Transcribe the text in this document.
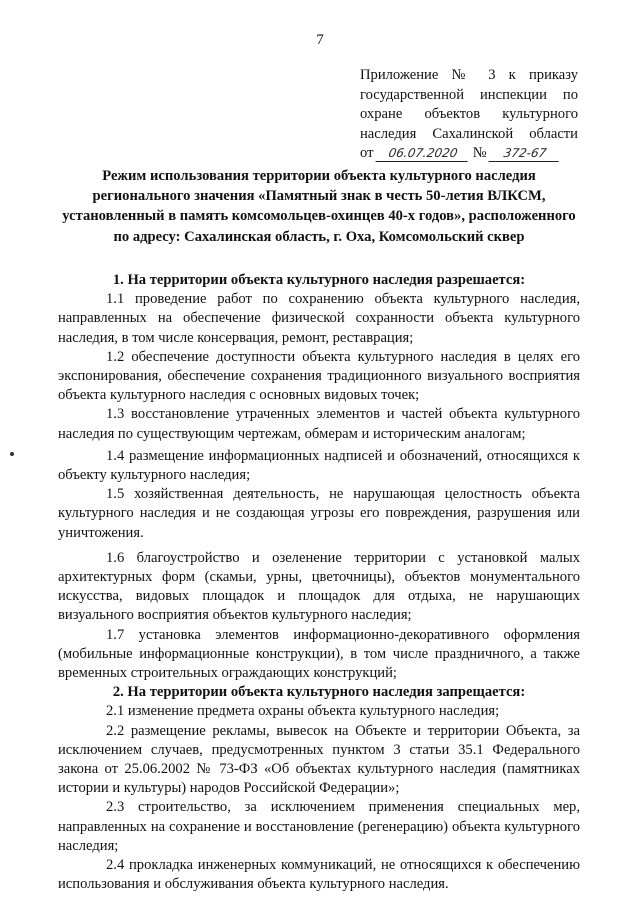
7
Приложение № 3 к приказу
государственной инспекции по
охране объектов культурного
наследия Сахалинской области
от 06.07.2020 № 372-67
Режим использования территории объекта культурного наследия регионального значения «Памятный знак в честь 50-летия ВЛКСМ, установленный в память комсомольцев-охинцев 40-х годов», расположенного по адресу: Сахалинская область, г. Оха, Комсомольский сквер
1. На территории объекта культурного наследия разрешается:

1.1 проведение работ по сохранению объекта культурного наследия, направленных на обеспечение физической сохранности объекта культурного наследия, в том числе консервация, ремонт, реставрация;

1.2 обеспечение доступности объекта культурного наследия в целях его экспонирования, обеспечение сохранения традиционного визуального восприятия объекта культурного наследия с основных видовых точек;

1.3 восстановление утраченных элементов и частей объекта культурного наследия по существующим чертежам, обмерам и историческим аналогам;

1.4 размещение информационных надписей и обозначений, относящихся к объекту культурного наследия;

1.5 хозяйственная деятельность, не нарушающая целостность объекта культурного наследия и не создающая угрозы его повреждения, разрушения или уничтожения.

1.6 благоустройство и озеленение территории с установкой малых архитектурных форм (скамьи, урны, цветочницы), объектов монументального искусства, видовых площадок и площадок для отдыха, не нарушающих визуального восприятия объектов культурного наследия;

1.7 установка элементов информационно-декоративного оформления (мобильные информационные конструкции), в том числе праздничного, а также временных строительных ограждающих конструкций;

2. На территории объекта культурного наследия запрещается:

2.1 изменение предмета охраны объекта культурного наследия;

2.2 размещение рекламы, вывесок на Объекте и территории Объекта, за исключением случаев, предусмотренных пунктом 3 статьи 35.1 Федерального закона от 25.06.2002 № 73-ФЗ «Об объектах культурного наследия (памятниках истории и культуры) народов Российской Федерации»;

2.3 строительство, за исключением применения специальных мер, направленных на сохранение и восстановление (регенерацию) объекта культурного наследия;

2.4 прокладка инженерных коммуникаций, не относящихся к обеспечению использования и обслуживания объекта культурного наследия.
